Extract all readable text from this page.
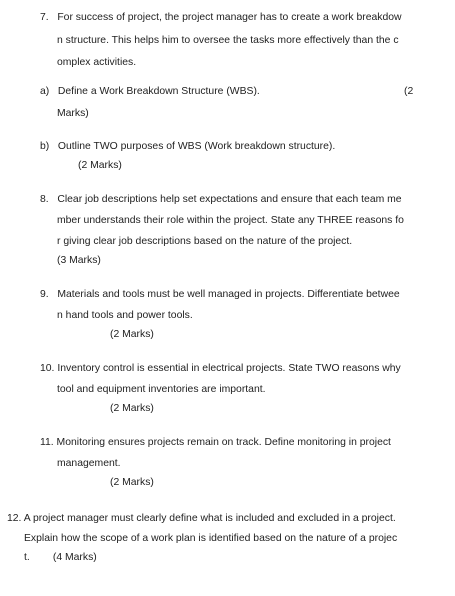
7.   For success of project, the project manager has to create a work breakdow
n structure. This helps him to oversee the tasks more effectively than the c
omplex activities.
a)   Define a Work Breakdown Structure (WBS).	(2
Marks)
b)   Outline TWO purposes of WBS (Work breakdown structure).
(2 Marks)
8.   Clear job descriptions help set expectations and ensure that each team me
mber understands their role within the project. State any THREE reasons fo
r giving clear job descriptions based on the nature of the project.
(3 Marks)
9.   Materials and tools must be well managed in projects. Differentiate betwee
n hand tools and power tools.
(2 Marks)
10. Inventory control is essential in electrical projects. State TWO reasons why
tool and equipment inventories are important.
(2 Marks)
11. Monitoring ensures projects remain on track. Define monitoring in project
management.
(2 Marks)
12. A project manager must clearly define what is included and excluded in a project.
Explain how the scope of a work plan is identified based on the nature of a projec
t.        (4 Marks)
